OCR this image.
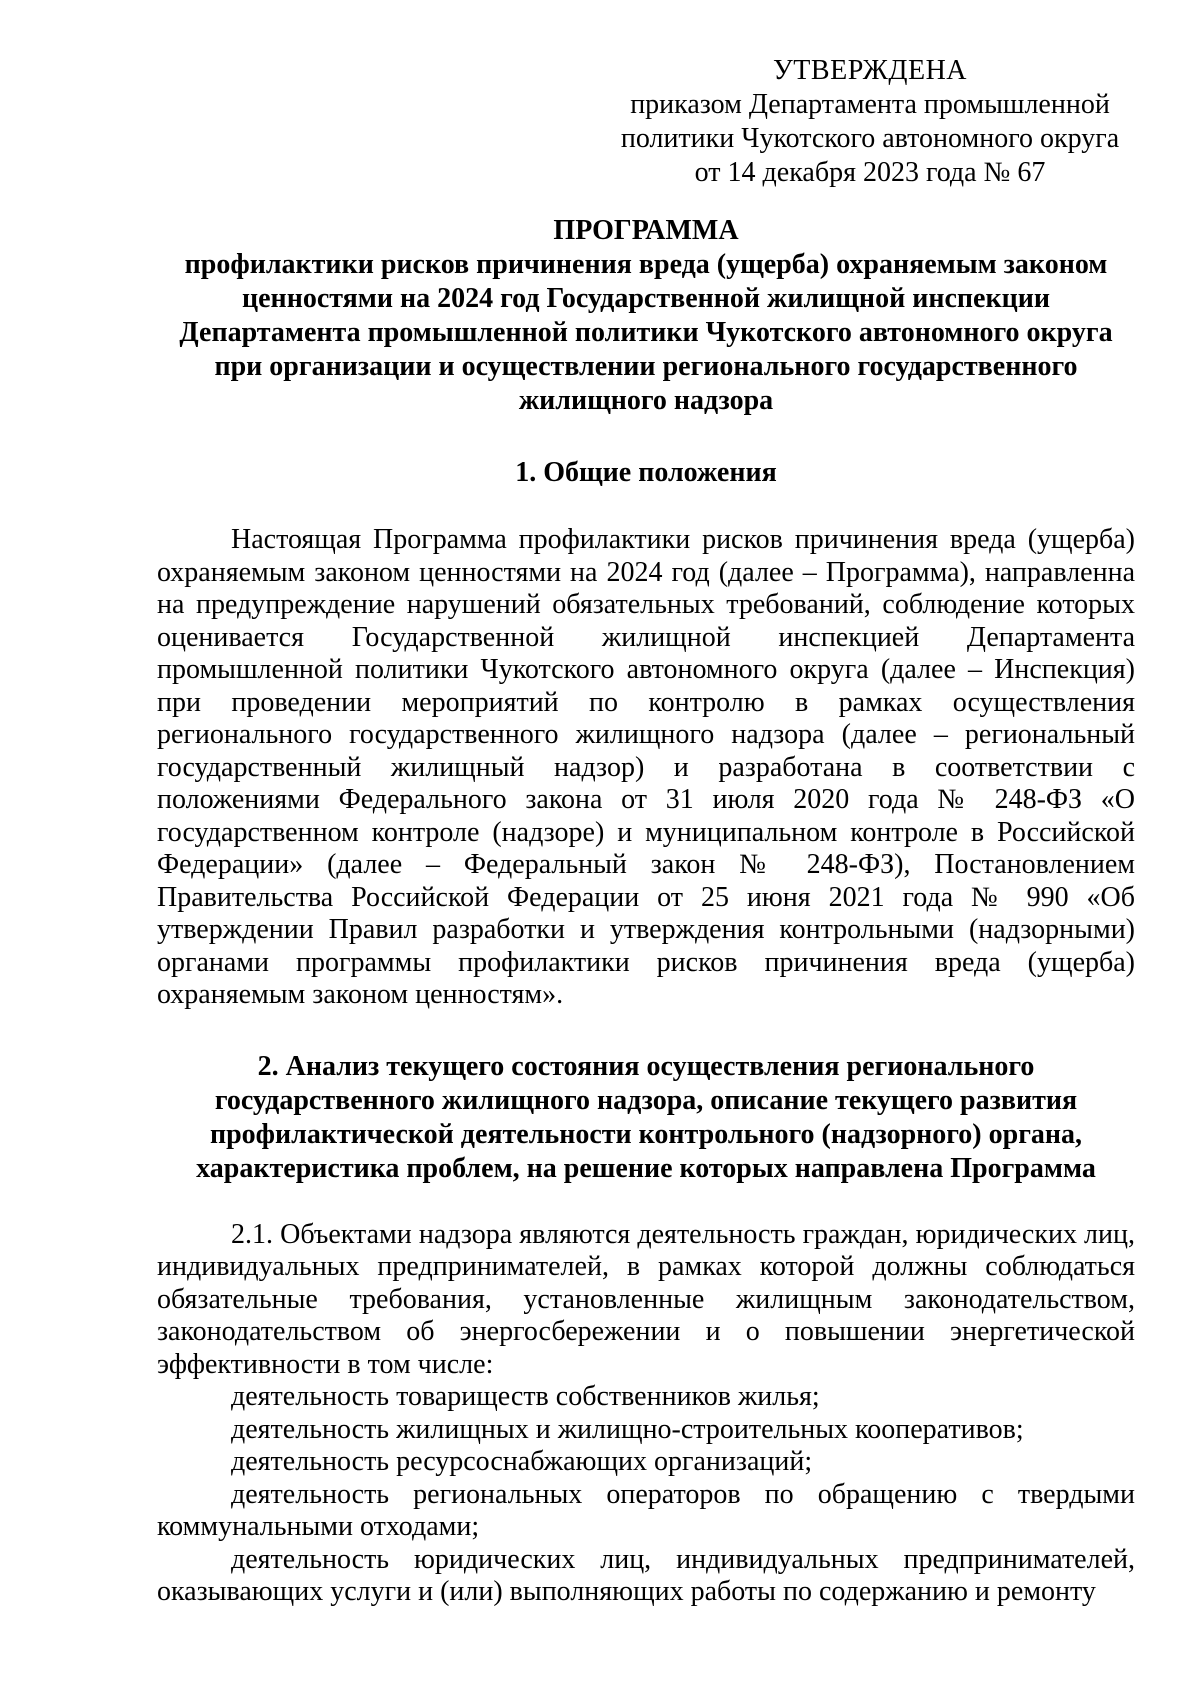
УТВЕРЖДЕНА
приказом Департамента промышленной
политики Чукотского автономного округа
от 14 декабря 2023 года № 67
ПРОГРАММА
профилактики рисков причинения вреда (ущерба) охраняемым законом
ценностями на 2024 год Государственной жилищной инспекции
Департамента промышленной политики Чукотского автономного округа
при организации и осуществлении регионального государственного
жилищного надзора
1. Общие положения

Настоящая Программа профилактики рисков причинения вреда (ущерба) охраняемым законом ценностями на 2024 год (далее – Программа), направленна на предупреждение нарушений обязательных требований, соблюдение которых оценивается Государственной жилищной инспекцией Департамента промышленной политики Чукотского автономного округа (далее – Инспекция) при проведении мероприятий по контролю в рамках осуществления регионального государственного жилищного надзора (далее – региональный государственный жилищный надзор) и разработана в соответствии с положениями Федерального закона от 31 июля 2020 года № 248-ФЗ «О государственном контроле (надзоре) и муниципальном контроле в Российской Федерации» (далее – Федеральный закон № 248-ФЗ), Постановлением Правительства Российской Федерации от 25 июня 2021 года № 990 «Об утверждении Правил разработки и утверждения контрольными (надзорными) органами программы профилактики рисков причинения вреда (ущерба) охраняемым законом ценностям».

2. Анализ текущего состояния осуществления регионального
государственного жилищного надзора, описание текущего развития
профилактической деятельности контрольного (надзорного) органа,
характеристика проблем, на решение которых направлена Программа

2.1. Объектами надзора являются деятельность граждан, юридических лиц, индивидуальных предпринимателей, в рамках которой должны соблюдаться обязательные требования, установленные жилищным законодательством, законодательством об энергосбережении и о повышении энергетической эффективности в том числе:

деятельность товариществ собственников жилья;

деятельность жилищных и жилищно-строительных кооперативов;

деятельность ресурсоснабжающих организаций;

деятельность региональных операторов по обращению с твердыми коммунальными отходами;

деятельность юридических лиц, индивидуальных предпринимателей, оказывающих услуги и (или) выполняющих работы по содержанию и ремонту
